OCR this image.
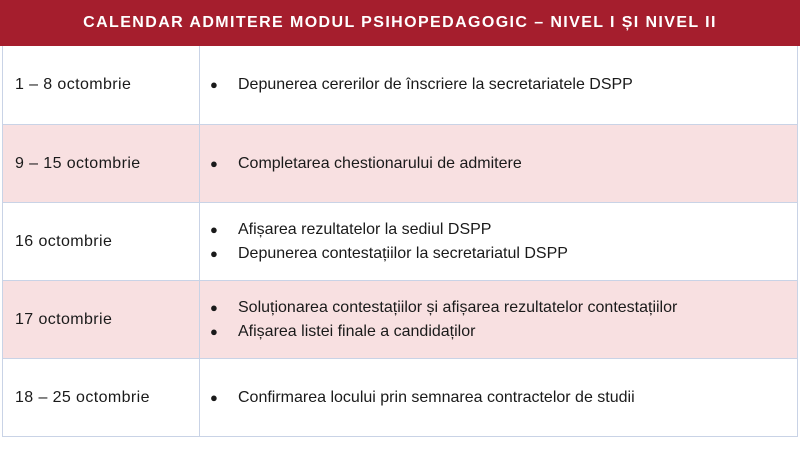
CALENDAR ADMITERE MODUL PSIHOPEDAGOGIC – NIVEL I ȘI NIVEL II
1 – 8 octombrie	●	Depunerea cererilor de înscriere la secretariatele DSPP
9 – 15 octombrie	●	Completarea chestionarului de admitere
16 octombrie
●	Afișarea rezultatelor la sediul DSPP
●	Depunerea contestațiilor la secretariatul DSPP
17 octombrie
●	Soluționarea contestațiilor și afișarea rezultatelor contestațiilor
●	Afișarea listei finale a candidaților
18 – 25 octombrie	●	Confirmarea locului prin semnarea contractelor de studii
